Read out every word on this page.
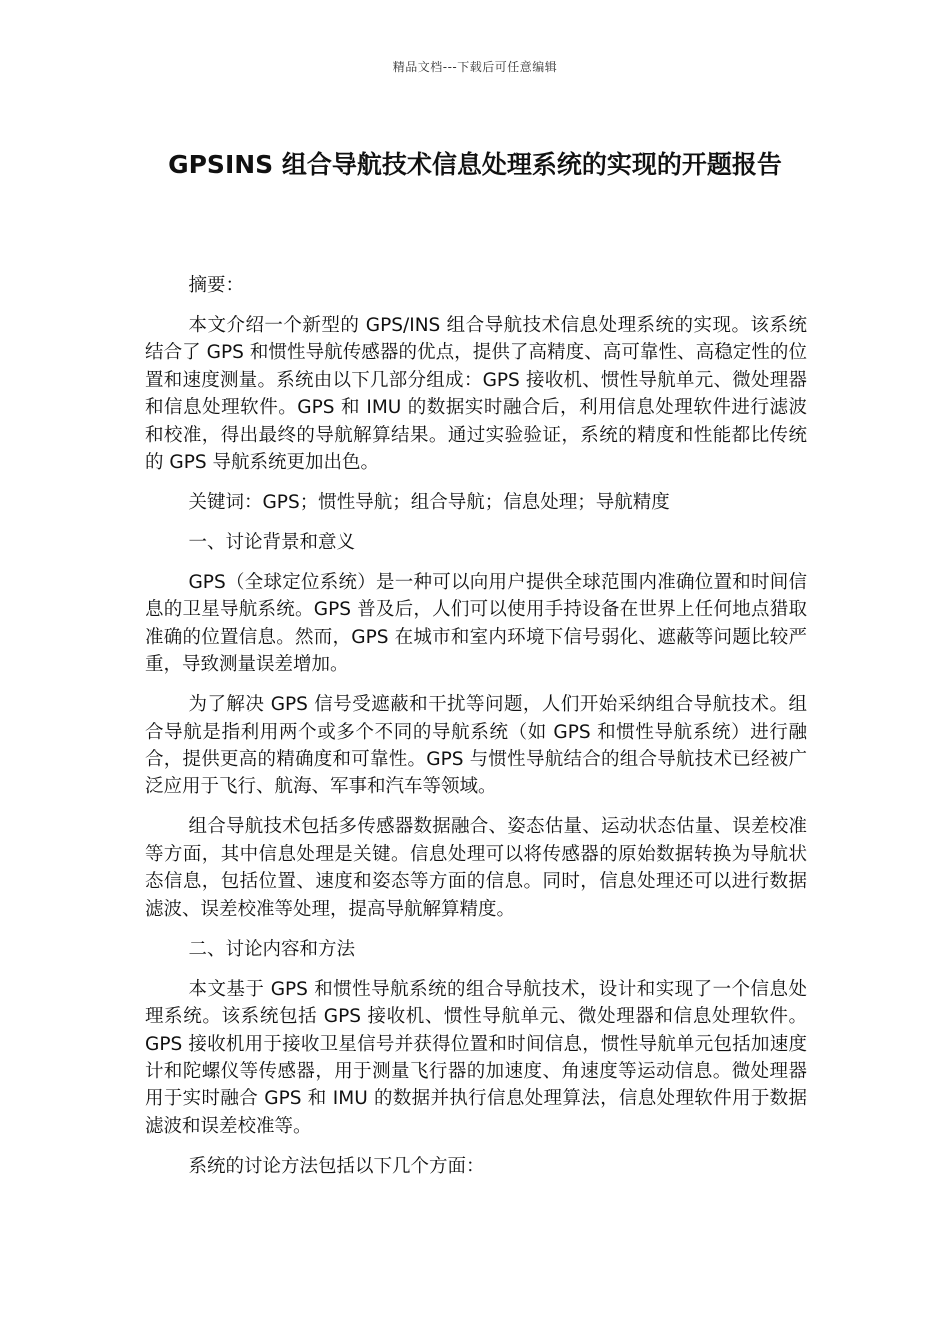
精品文档---下载后可任意编辑
GPSINS 组合导航技术信息处理系统的实现的开题报告

摘要：

本文介绍一个新型的 GPS/INS 组合导航技术信息处理系统的实现。该系统结合了 GPS 和惯性导航传感器的优点，提供了高精度、高可靠性、高稳定性的位置和速度测量。系统由以下几部分组成：GPS 接收机、惯性导航单元、微处理器和信息处理软件。GPS 和 IMU 的数据实时融合后，利用信息处理软件进行滤波和校准，得出最终的导航解算结果。通过实验验证，系统的精度和性能都比传统的 GPS 导航系统更加出色。

关键词：GPS；惯性导航；组合导航；信息处理；导航精度

一、讨论背景和意义

GPS（全球定位系统）是一种可以向用户提供全球范围内准确位置和时间信息的卫星导航系统。GPS 普及后，人们可以使用手持设备在世界上任何地点猎取准确的位置信息。然而，GPS 在城市和室内环境下信号弱化、遮蔽等问题比较严重，导致测量误差增加。

为了解决 GPS 信号受遮蔽和干扰等问题，人们开始采纳组合导航技术。组合导航是指利用两个或多个不同的导航系统（如 GPS 和惯性导航系统）进行融合，提供更高的精确度和可靠性。GPS 与惯性导航结合的组合导航技术已经被广泛应用于飞行、航海、军事和汽车等领域。

组合导航技术包括多传感器数据融合、姿态估量、运动状态估量、误差校准等方面，其中信息处理是关键。信息处理可以将传感器的原始数据转换为导航状态信息，包括位置、速度和姿态等方面的信息。同时，信息处理还可以进行数据滤波、误差校准等处理，提高导航解算精度。

二、讨论内容和方法

本文基于 GPS 和惯性导航系统的组合导航技术，设计和实现了一个信息处理系统。该系统包括 GPS 接收机、惯性导航单元、微处理器和信息处理软件。GPS 接收机用于接收卫星信号并获得位置和时间信息，惯性导航单元包括加速度计和陀螺仪等传感器，用于测量飞行器的加速度、角速度等运动信息。微处理器用于实时融合 GPS 和 IMU 的数据并执行信息处理算法，信息处理软件用于数据滤波和误差校准等。

系统的讨论方法包括以下几个方面：
